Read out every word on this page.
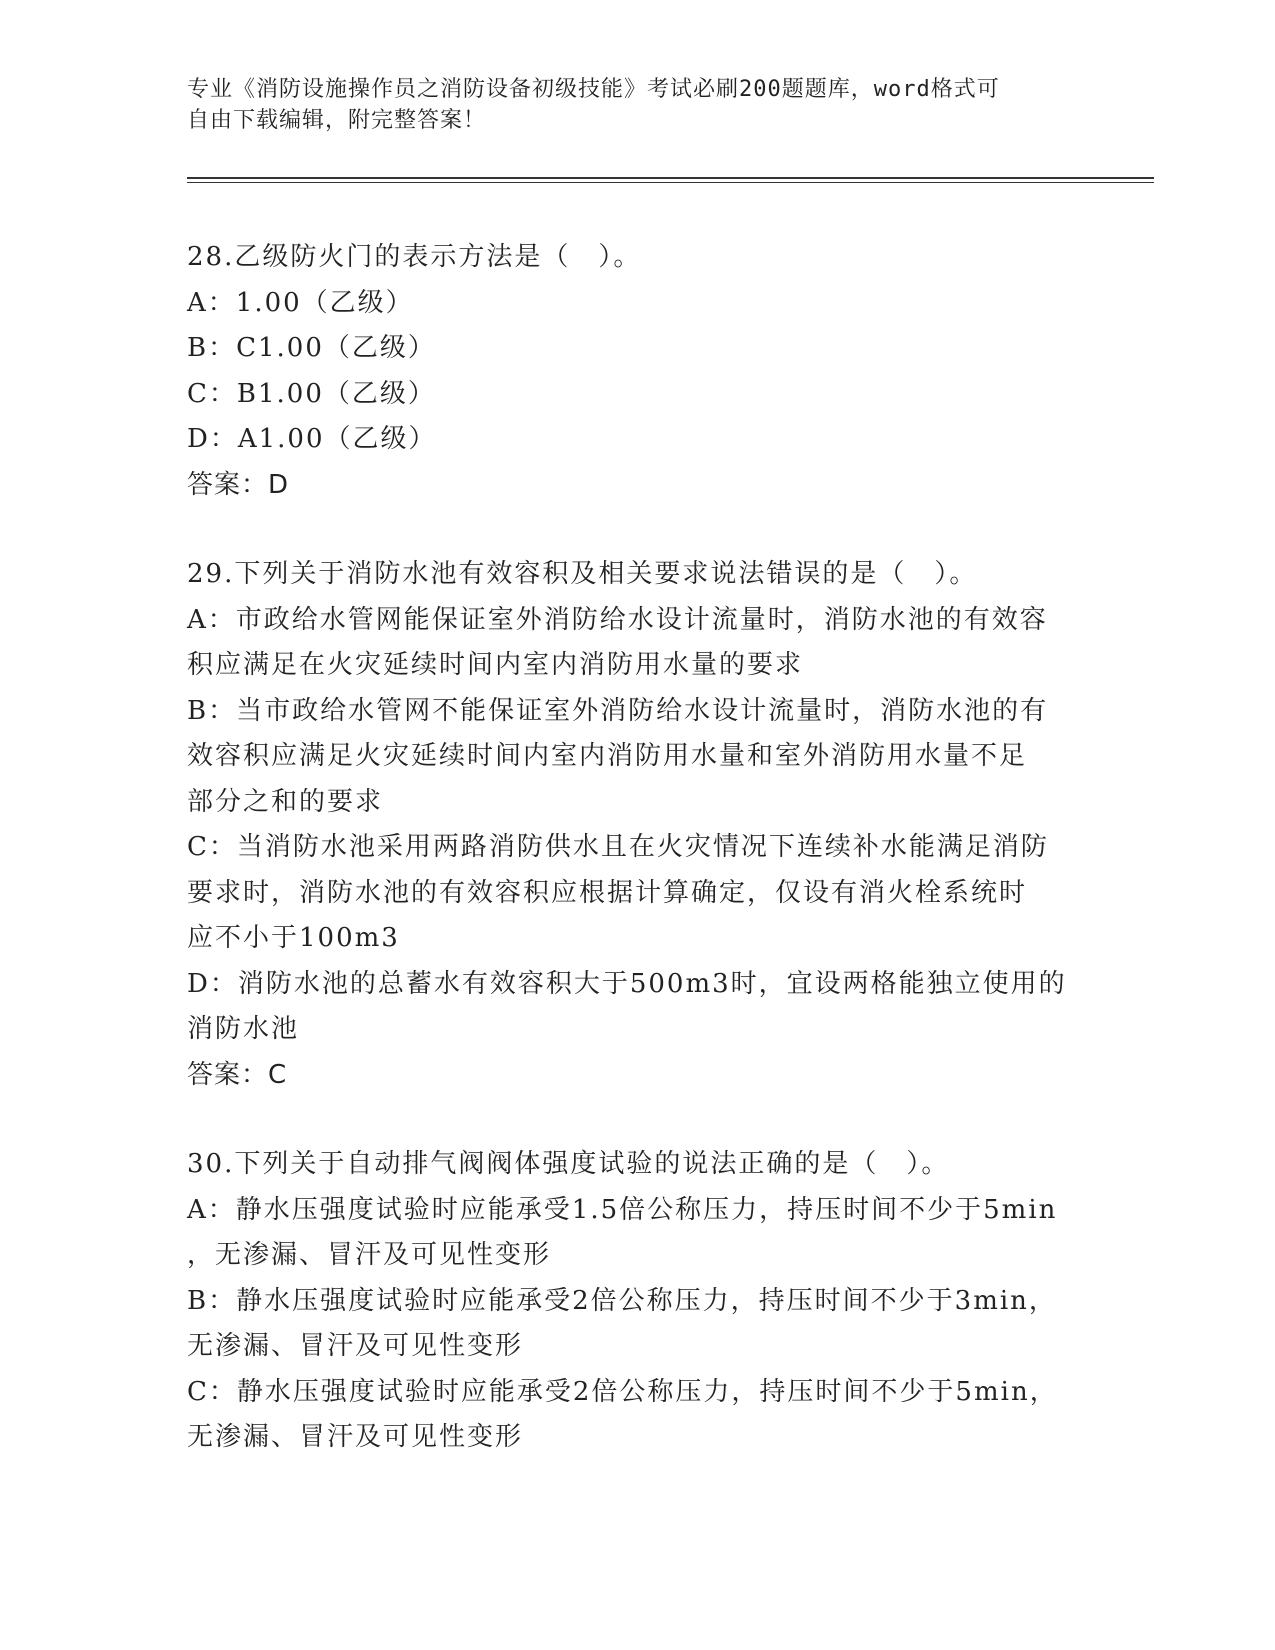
专业《消防设施操作员之消防设备初级技能》考试必刷200题题库，word格式可
自由下载编辑，附完整答案！
28.乙级防火门的表示方法是（　）。
A：1.00（乙级）
B：C1.00（乙级）
C：B1.00（乙级）
D：A1.00（乙级）
答案：D
29.下列关于消防水池有效容积及相关要求说法错误的是（　）。
A：市政给水管网能保证室外消防给水设计流量时，消防水池的有效容
积应满足在火灾延续时间内室内消防用水量的要求
B：当市政给水管网不能保证室外消防给水设计流量时，消防水池的有
效容积应满足火灾延续时间内室内消防用水量和室外消防用水量不足
部分之和的要求
C：当消防水池采用两路消防供水且在火灾情况下连续补水能满足消防
要求时，消防水池的有效容积应根据计算确定，仅设有消火栓系统时
应不小于100m3
D：消防水池的总蓄水有效容积大于500m3时，宜设两格能独立使用的
消防水池
答案：C
30.下列关于自动排气阀阀体强度试验的说法正确的是（　）。
A：静水压强度试验时应能承受1.5倍公称压力，持压时间不少于5min
，无渗漏、冒汗及可见性变形
B：静水压强度试验时应能承受2倍公称压力，持压时间不少于3min，
无渗漏、冒汗及可见性变形
C：静水压强度试验时应能承受2倍公称压力，持压时间不少于5min，
无渗漏、冒汗及可见性变形
